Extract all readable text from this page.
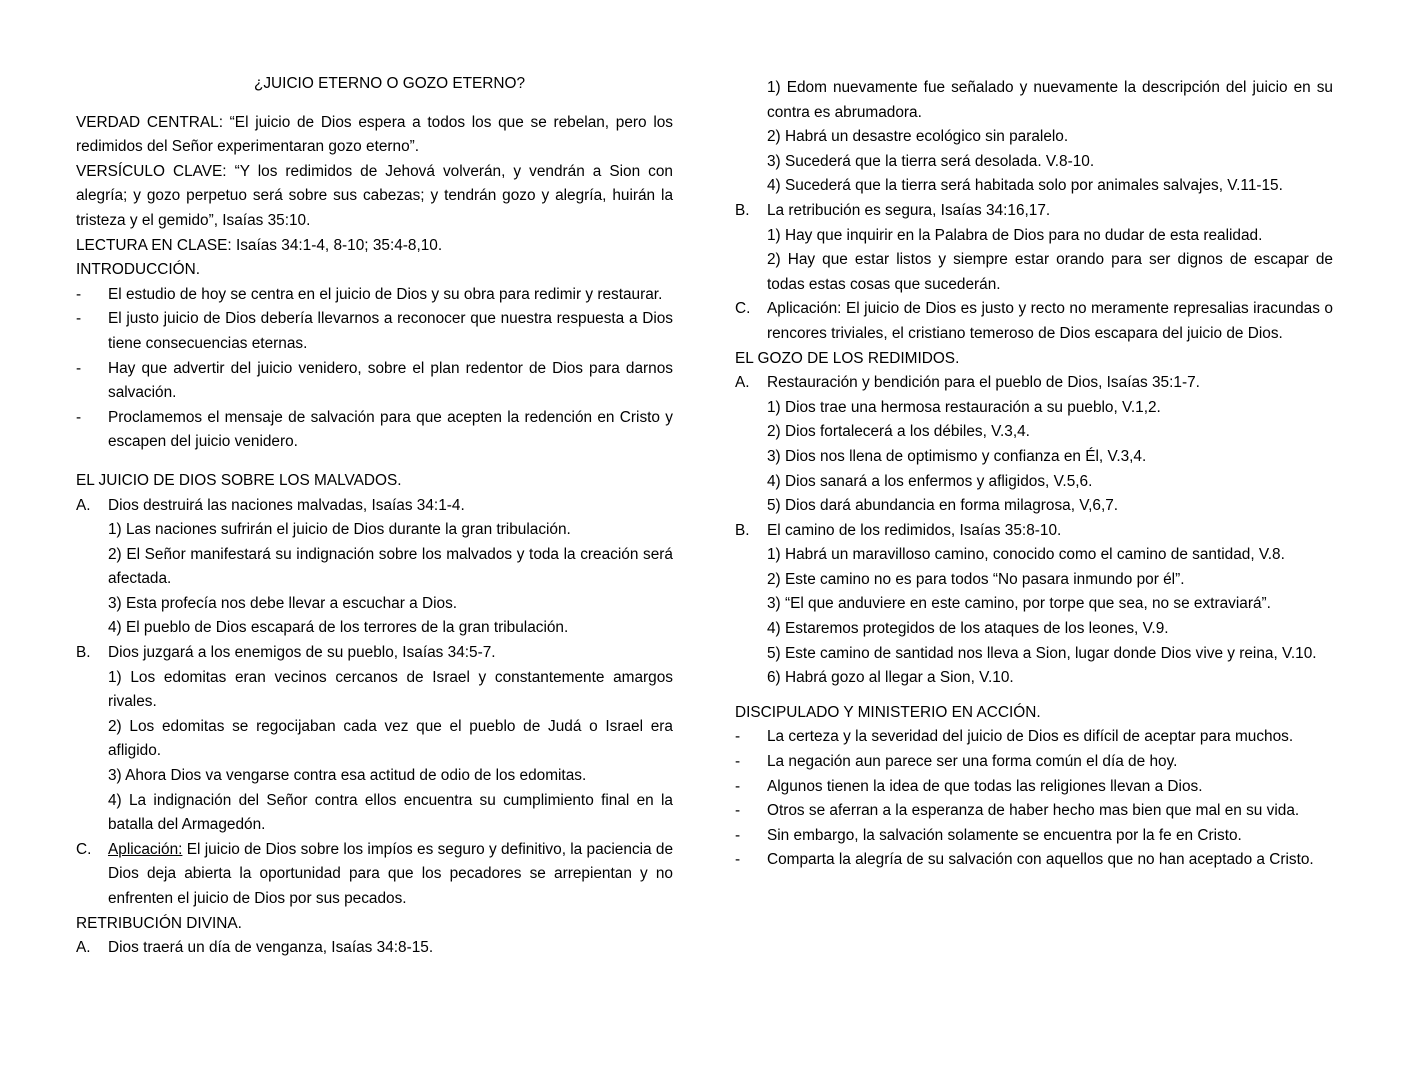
¿JUICIO ETERNO O GOZO ETERNO?
VERDAD CENTRAL: “El juicio de Dios espera a todos los que se rebelan, pero los redimidos del Señor experimentaran gozo eterno”.
VERSÍCULO CLAVE: “Y los redimidos de Jehová volverán, y vendrán a Sion con alegría; y gozo perpetuo será sobre sus cabezas; y tendrán gozo y alegría, huirán la tristeza y el gemido”, Isaías 35:10.
LECTURA EN CLASE: Isaías 34:1-4, 8-10; 35:4-8,10.
INTRODUCCIÓN.
-	El estudio de hoy se centra en el juicio de Dios y su obra para redimir y restaurar.
-	El justo juicio de Dios debería llevarnos a reconocer que nuestra respuesta a Dios tiene consecuencias eternas.
-	Hay que advertir del juicio venidero, sobre el plan redentor de Dios para darnos salvación.
-	Proclamemos el mensaje de salvación para que acepten la redención en Cristo y escapen del juicio venidero.
EL JUICIO DE DIOS SOBRE LOS MALVADOS.
A.	Dios destruirá las naciones malvadas, Isaías 34:1-4.
1) Las naciones sufrirán el juicio de Dios durante la gran tribulación.
2) El Señor manifestará su indignación sobre los malvados y toda la creación será afectada.
3) Esta profecía nos debe llevar a escuchar a Dios.
4) El pueblo de Dios escapará de los terrores de la gran tribulación.
B.	Dios juzgará a los enemigos de su pueblo, Isaías 34:5-7.
1) Los edomitas eran vecinos cercanos de Israel y constantemente amargos rivales.
2) Los edomitas se regocijaban cada vez que el pueblo de Judá o Israel era afligido.
3) Ahora Dios va vengarse contra esa actitud de odio de los edomitas.
4) La indignación del Señor contra ellos encuentra su cumplimiento final en la batalla del Armagedón.
C.	Aplicación: El juicio de Dios sobre los impíos es seguro y definitivo, la paciencia de Dios deja abierta la oportunidad para que los pecadores se arrepientan y no enfrenten el juicio de Dios por sus pecados.
RETRIBUCIÓN DIVINA.
A.	Dios traerá un día de venganza, Isaías 34:8-15.
1) Edom nuevamente fue señalado y nuevamente la descripción del juicio en su contra es abrumadora.
2) Habrá un desastre ecológico sin paralelo.
3) Sucederá que la tierra será desolada. V.8-10.
4) Sucederá que la tierra será habitada solo por animales salvajes, V.11-15.
B.	La retribución es segura, Isaías 34:16,17.
1) Hay que inquirir en la Palabra de Dios para no dudar de esta realidad.
2) Hay que estar listos y siempre estar orando para ser dignos de escapar de todas estas cosas que sucederán.
C.	Aplicación: El juicio de Dios es justo y recto no meramente represalias iracundas o rencores triviales, el cristiano temeroso de Dios escapara del juicio de Dios.
EL GOZO DE LOS REDIMIDOS.
A.	Restauración y bendición para el pueblo de Dios, Isaías 35:1-7.
1) Dios trae una hermosa restauración a su pueblo, V.1,2.
2) Dios fortalecerá a los débiles, V.3,4.
3) Dios nos llena de optimismo y confianza en Él, V.3,4.
4) Dios sanará a los enfermos y afligidos, V.5,6.
5) Dios dará abundancia en forma milagrosa, V,6,7.
B.	El camino de los redimidos, Isaías 35:8-10.
1) Habrá un maravilloso camino, conocido como el camino de santidad, V.8.
2) Este camino no es para todos “No pasara inmundo por él”.
3) “El que anduviere en este camino, por torpe que sea, no se extraviará”.
4) Estaremos protegidos de los ataques de los leones, V.9.
5) Este camino de santidad nos lleva a Sion, lugar donde Dios vive y reina, V.10.
6) Habrá gozo al llegar a Sion, V.10.
DISCIPULADO Y MINISTERIO EN ACCIÓN.
-	La certeza y la severidad del juicio de Dios es difícil de aceptar para muchos.
-	La negación aun parece ser una forma común el día de hoy.
-	Algunos tienen la idea de que todas las religiones llevan a Dios.
-	Otros se aferran a la esperanza de haber hecho mas bien que mal en su vida.
-	Sin embargo, la salvación solamente se encuentra por la fe en Cristo.
-	Comparta la alegría de su salvación con aquellos que no han aceptado a Cristo.
